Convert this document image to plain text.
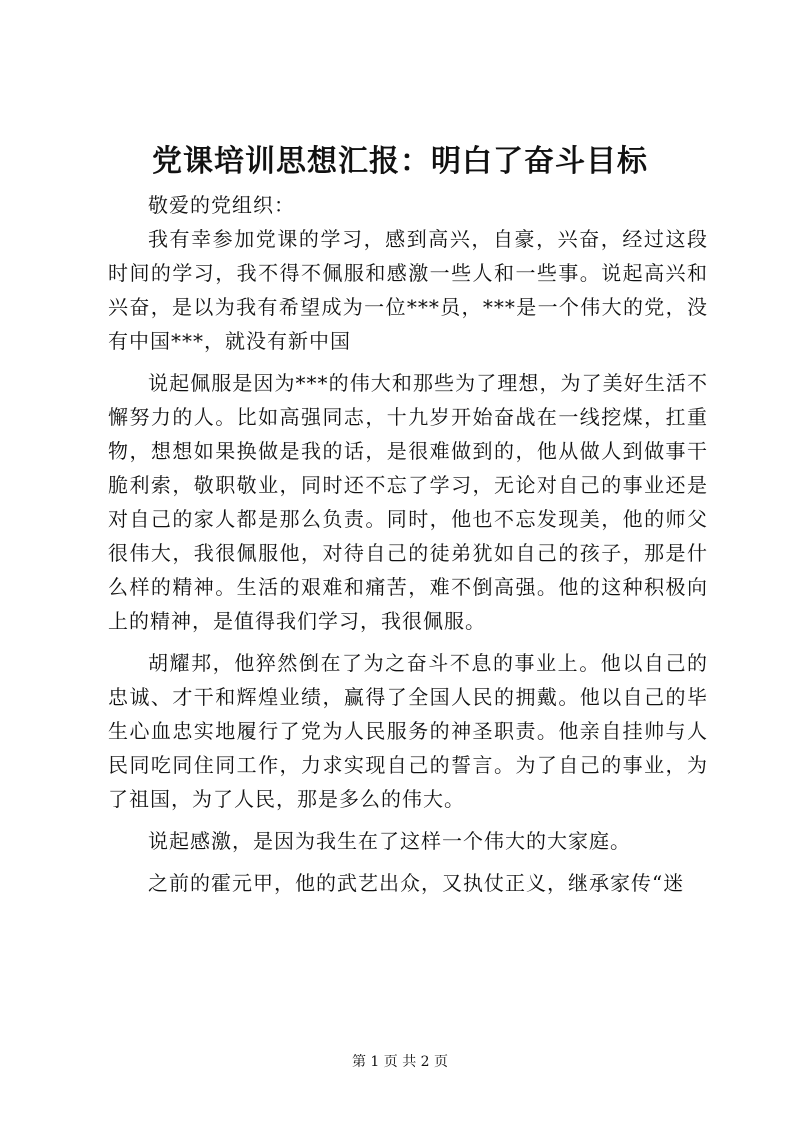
党课培训思想汇报：明白了奋斗目标

敬爱的党组织：

我有幸参加党课的学习，感到高兴，自豪，兴奋，经过这段时间的学习，我不得不佩服和感激一些人和一些事。说起高兴和兴奋，是以为我有希望成为一位***员，***是一个伟大的党，没有中国***，就没有新中国

说起佩服是因为***的伟大和那些为了理想，为了美好生活不懈努力的人。比如高强同志，十九岁开始奋战在一线挖煤，扛重物，想想如果换做是我的话，是很难做到的，他从做人到做事干脆利索，敬职敬业，同时还不忘了学习，无论对自己的事业还是对自己的家人都是那么负责。同时，他也不忘发现美，他的师父很伟大，我很佩服他，对待自己的徒弟犹如自己的孩子，那是什么样的精神。生活的艰难和痛苦，难不倒高强。他的这种积极向上的精神，是值得我们学习，我很佩服。

胡耀邦，他猝然倒在了为之奋斗不息的事业上。他以自己的忠诚、才干和辉煌业绩，赢得了全国人民的拥戴。他以自己的毕生心血忠实地履行了党为人民服务的神圣职责。他亲自挂帅与人民同吃同住同工作，力求实现自己的誓言。为了自己的事业，为了祖国，为了人民，那是多么的伟大。

说起感激，是因为我生在了这样一个伟大的大家庭。

之前的霍元甲，他的武艺出众，又执仗正义，继承家传“迷

第 1 页 共 2 页
